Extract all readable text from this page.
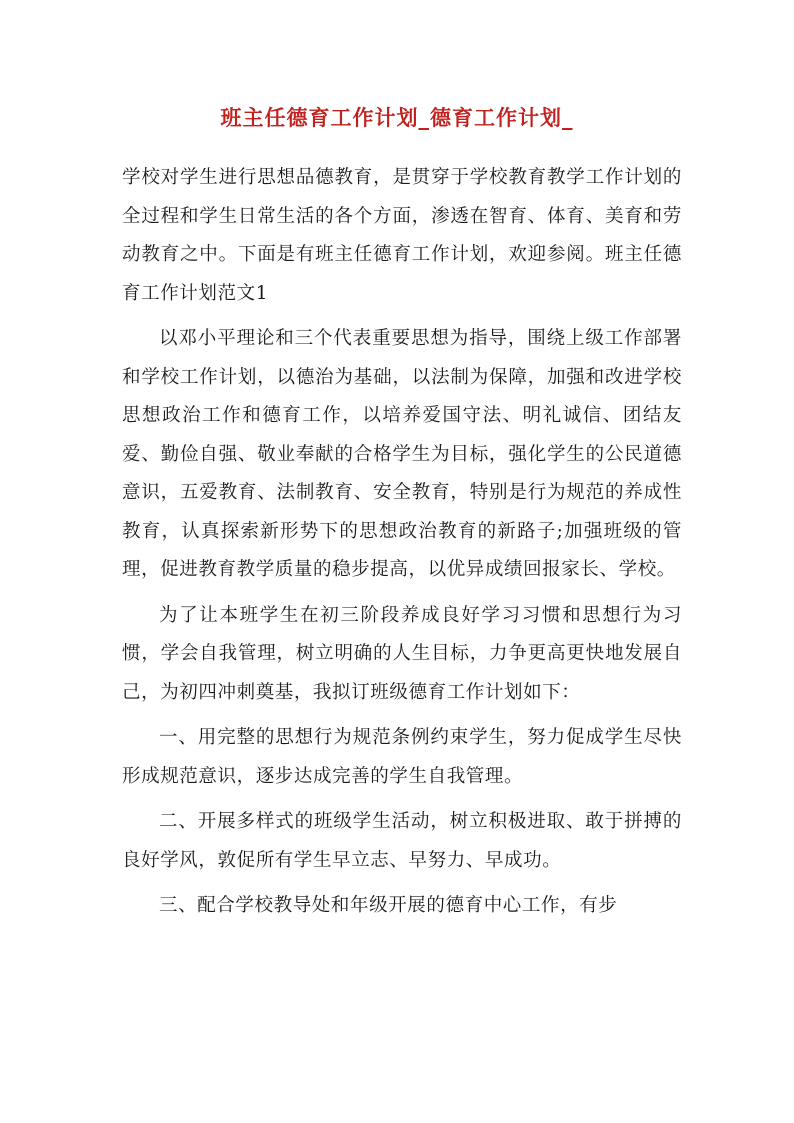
班主任德育工作计划_德育工作计划_

学校对学生进行思想品德教育，是贯穿于学校教育教学工作计划的全过程和学生日常生活的各个方面，渗透在智育、体育、美育和劳动教育之中。下面是有班主任德育工作计划，欢迎参阅。班主任德育工作计划范文1

以邓小平理论和三个代表重要思想为指导，围绕上级工作部署和学校工作计划，以德治为基础，以法制为保障，加强和改进学校思想政治工作和德育工作，以培养爱国守法、明礼诚信、团结友爱、勤俭自强、敬业奉献的合格学生为目标，强化学生的公民道德意识，五爱教育、法制教育、安全教育，特别是行为规范的养成性教育，认真探索新形势下的思想政治教育的新路子;加强班级的管理，促进教育教学质量的稳步提高，以优异成绩回报家长、学校。

为了让本班学生在初三阶段养成良好学习习惯和思想行为习惯，学会自我管理，树立明确的人生目标，力争更高更快地发展自己，为初四冲刺奠基，我拟订班级德育工作计划如下：

一、用完整的思想行为规范条例约束学生，努力促成学生尽快形成规范意识，逐步达成完善的学生自我管理。

二、开展多样式的班级学生活动，树立积极进取、敢于拼搏的良好学风，敦促所有学生早立志、早努力、早成功。

三、配合学校教导处和年级开展的德育中心工作，有步
